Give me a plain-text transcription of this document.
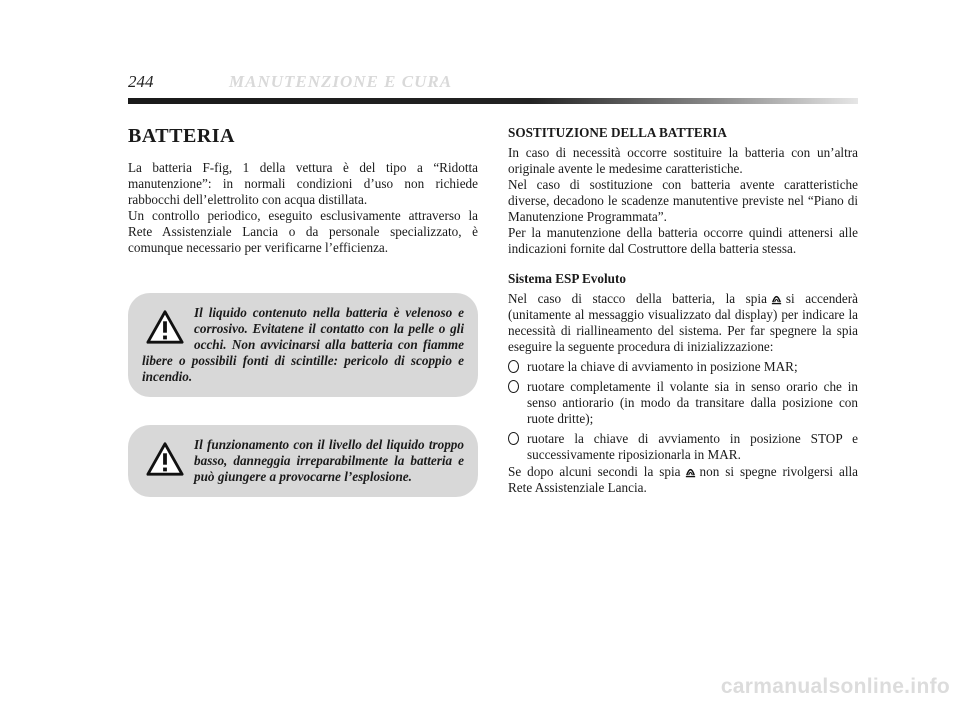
244	MANUTENZIONE E CURA
BATTERIA

La batteria F-fig, 1 della vettura è del tipo a “Ridotta manutenzione”: in normali condizioni d’uso non richiede rabbocchi dell’elettrolito con acqua distillata.

Un controllo periodico, eseguito esclusivamente attraverso la Rete Assistenziale Lancia o da personale specializzato, è comunque necessario per verificarne l’efficienza.

Il liquido contenuto nella batteria è velenoso e corrosivo. Evitatene il contatto con la pelle o gli occhi. Non avvicinarsi alla batteria con fiamme libere o possibili fonti di scintille: pericolo di scoppio e incendio.

Il funzionamento con il livello del liquido troppo basso, danneggia irreparabilmente la batteria e può giungere a provocarne l’esplosione.

SOSTITUZIONE DELLA BATTERIA

In caso di necessità occorre sostituire la batteria con un’altra originale avente le medesime caratteristiche.

Nel caso di sostituzione con batteria avente caratteristiche diverse, decadono le scadenze manutentive previste nel “Piano di Manutenzione Programmata”.

Per la manutenzione della batteria occorre quindi attenersi alle indicazioni fornite dal Costruttore della batteria stessa.

Sistema ESP Evoluto

Nel caso di stacco della batteria, la spia si accenderà (unitamente al messaggio visualizzato dal display) per indicare la necessità di riallineamento del sistema. Per far spegnere la spia eseguire la seguente procedura di inizializzazione:

ruotare la chiave di avviamento in posizione MAR;
ruotare completamente il volante sia in senso orario che in senso antiorario (in modo da transitare dalla posizione con ruote dritte);
ruotare la chiave di avviamento in posizione STOP e successivamente riposizionarla in MAR.

Se dopo alcuni secondi la spia non si spegne rivolgersi alla Rete Assistenziale Lancia.

carmanualsonline.info
